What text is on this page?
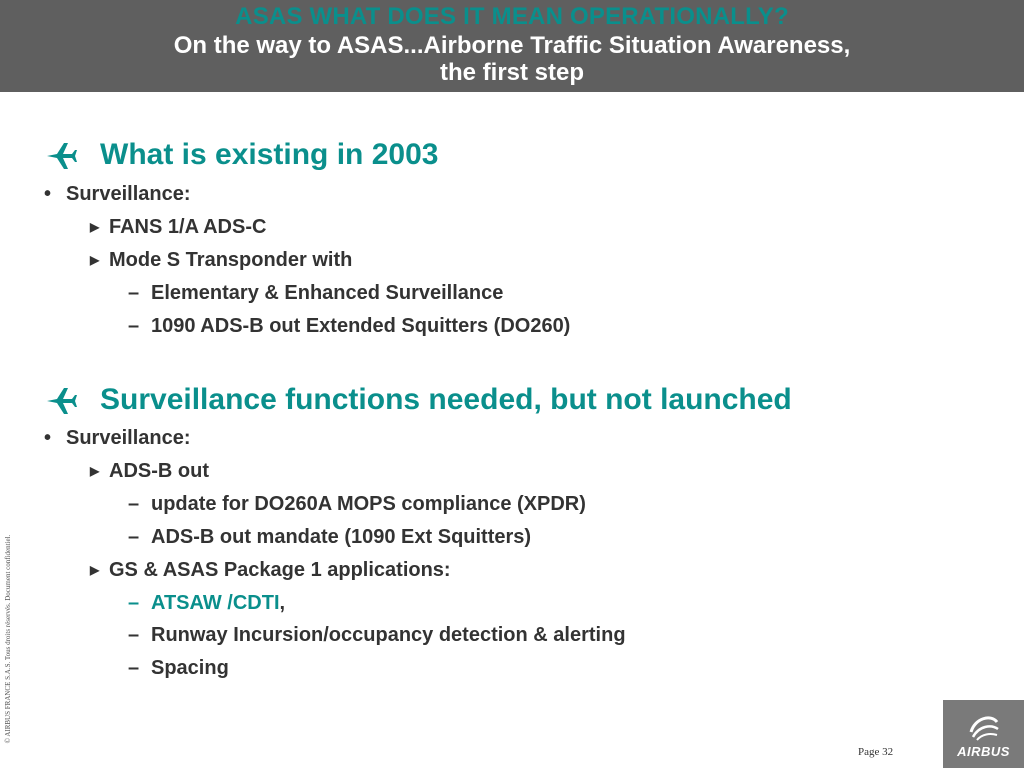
ASAS WHAT DOES IT MEAN OPERATIONALLY?
On the way to ASAS...Airborne Traffic Situation Awareness,
the first step
What is existing in 2003
• Surveillance:
▶ FANS 1/A ADS-C
▶ Mode S Transponder with
– Elementary & Enhanced Surveillance
– 1090 ADS-B out Extended Squitters (DO260)
Surveillance functions needed, but not launched
• Surveillance:
▶ ADS-B out
– update for DO260A MOPS compliance (XPDR)
– ADS-B out mandate (1090 Ext Squitters)
▶ GS & ASAS Package 1 applications:
– ATSAW /CDTI,
– Runway Incursion/occupancy detection & alerting
– Spacing
© AIRBUS FRANCE S.A.S. Tous droits réservés. Document confidentiel.
Page 32	AIRBUS
